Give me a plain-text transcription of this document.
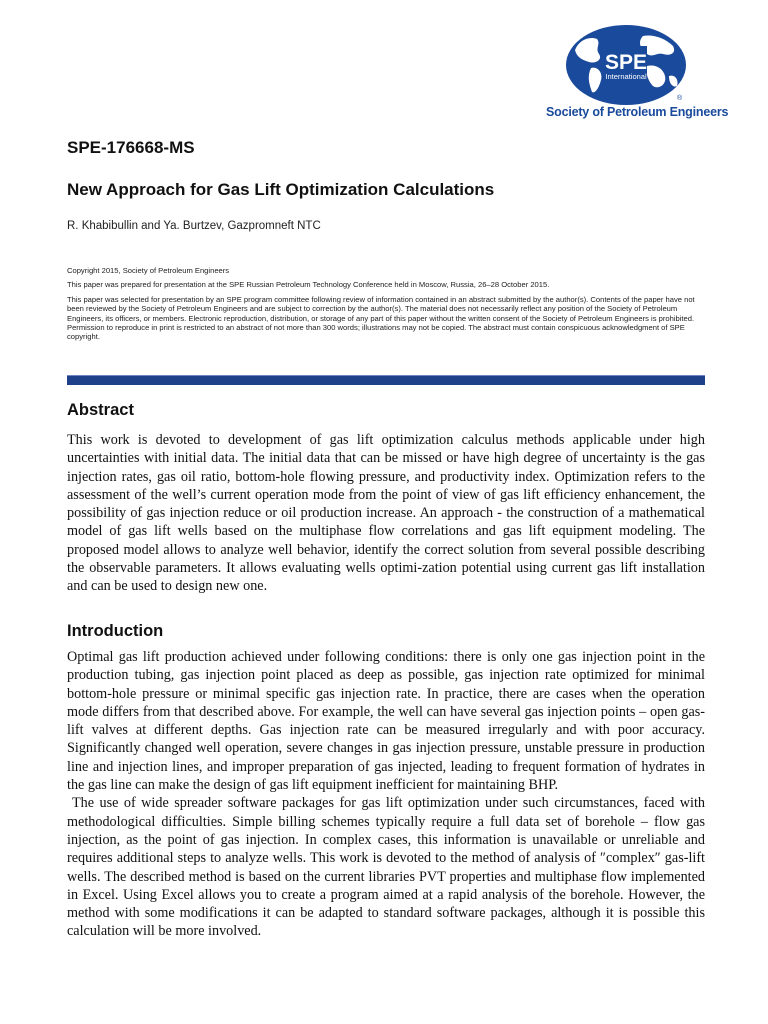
SPE
International
®
Society of Petroleum Engineers
SPE-176668-MS
New Approach for Gas Lift Optimization Calculations
R. Khabibullin and Ya. Burtzev, Gazpromneft NTC

Copyright 2015, Society of Petroleum Engineers

This paper was prepared for presentation at the SPE Russian Petroleum Technology Conference held in Moscow, Russia, 26–28 October 2015.

This paper was selected for presentation by an SPE program committee following review of information contained in an abstract submitted by the author(s). Contents of the paper have not been reviewed by the Society of Petroleum Engineers and are subject to correction by the author(s). The material does not necessarily reflect any position of the Society of Petroleum Engineers, its officers, or members. Electronic reproduction, distribution, or storage of any part of this paper without the written consent of the Society of Petroleum Engineers is prohibited. Permission to reproduce in print is restricted to an abstract of not more than 300 words; illustrations may not be copied. The abstract must contain conspicuous acknowledgment of SPE copyright.

Abstract

This work is devoted to development of gas lift optimization calculus methods applicable under high uncertainties with initial data. The initial data that can be missed or have high degree of uncertainty is the gas injection rates, gas oil ratio, bottom-hole flowing pressure, and productivity index. Optimization refers to the assessment of the well’s current operation mode from the point of view of gas lift efficiency enhancement, the possibility of gas injection reduce or oil production increase. An approach - the construction of a mathematical model of gas lift wells based on the multiphase flow correlations and gas lift equipment modeling. The proposed model allows to analyze well behavior, identify the correct solution from several possible describing the observable parameters. It allows evaluating wells optimi-zation potential using current gas lift installation and can be used to design new one.

Introduction

Optimal gas lift production achieved under following conditions: there is only one gas injection point in the production tubing, gas injection point placed as deep as possible, gas injection rate optimized for minimal bottom-hole pressure or minimal specific gas injection rate. In practice, there are cases when the operation mode differs from that described above. For example, the well can have several gas injection points – open gas-lift valves at different depths. Gas injection rate can be measured irregularly and with poor accuracy. Significantly changed well operation, severe changes in gas injection pressure, unstable pressure in production line and injection lines, and improper preparation of gas injected, leading to frequent formation of hydrates in the gas line can make the design of gas lift equipment inefficient for maintaining BHP.

The use of wide spreader software packages for gas lift optimization under such circumstances, faced with methodological difficulties. Simple billing schemes typically require a full data set of borehole – flow gas injection, as the point of gas injection. In complex cases, this information is unavailable or unreliable and requires additional steps to analyze wells. This work is devoted to the method of analysis of ″complex″ gas-lift wells. The described method is based on the current libraries PVT properties and multiphase flow implemented in Excel. Using Excel allows you to create a program aimed at a rapid analysis of the borehole. However, the method with some modifications it can be adapted to standard software packages, although it is possible this calculation will be more involved.
